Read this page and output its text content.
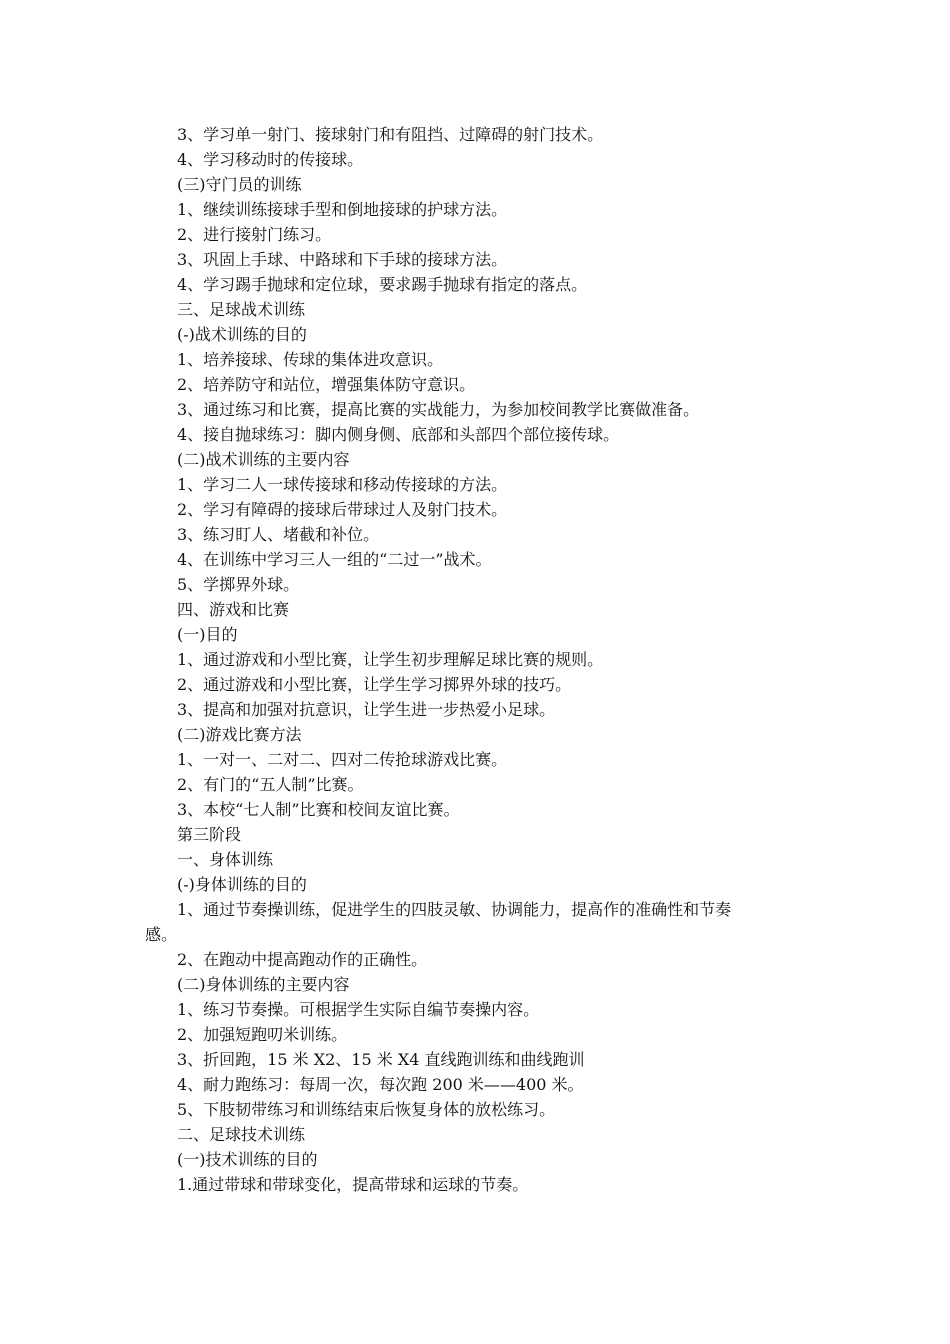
3、学习单一射门、接球射门和有阻挡、过障碍的射门技术。

4、学习移动时的传接球。

(三)守门员的训练

1、继续训练接球手型和倒地接球的护球方法。

2、进行接射门练习。

3、巩固上手球、中路球和下手球的接球方法。

4、学习踢手抛球和定位球，要求踢手抛球有指定的落点。

三、足球战术训练

(-)战术训练的目的

1、培养接球、传球的集体进攻意识。

2、培养防守和站位，增强集体防守意识。

3、通过练习和比赛，提高比赛的实战能力，为参加校间教学比赛做准备。

4、接自抛球练习：脚内侧身侧、底部和头部四个部位接传球。

(二)战术训练的主要内容

1、学习二人一球传接球和移动传接球的方法。

2、学习有障碍的接球后带球过人及射门技术。

3、练习盯人、堵截和补位。

4、在训练中学习三人一组的“二过一”战术。

5、学掷界外球。

四、游戏和比赛

(一)目的

1、通过游戏和小型比赛，让学生初步理解足球比赛的规则。

2、通过游戏和小型比赛，让学生学习掷界外球的技巧。

3、提高和加强对抗意识，让学生进一步热爱小足球。

(二)游戏比赛方法

1、一对一、二对二、四对二传抢球游戏比赛。

2、有门的“五人制”比赛。

3、本校“七人制”比赛和校间友谊比赛。

第三阶段

一、身体训练

(-)身体训练的目的

1、通过节奏操训练，促进学生的四肢灵敏、协调能力，提高作的准确性和节奏
感。

2、在跑动中提高跑动作的正确性。

(二)身体训练的主要内容

1、练习节奏操。可根据学生实际自编节奏操内容。

2、加强短跑叨米训练。

3、折回跑，15 米 X2、15 米 X4 直线跑训练和曲线跑训

4、耐力跑练习：每周一次，每次跑 200 米——400 米。

5、下肢韧带练习和训练结束后恢复身体的放松练习。

二、足球技术训练

(一)技术训练的目的

1.通过带球和带球变化，提高带球和运球的节奏。
